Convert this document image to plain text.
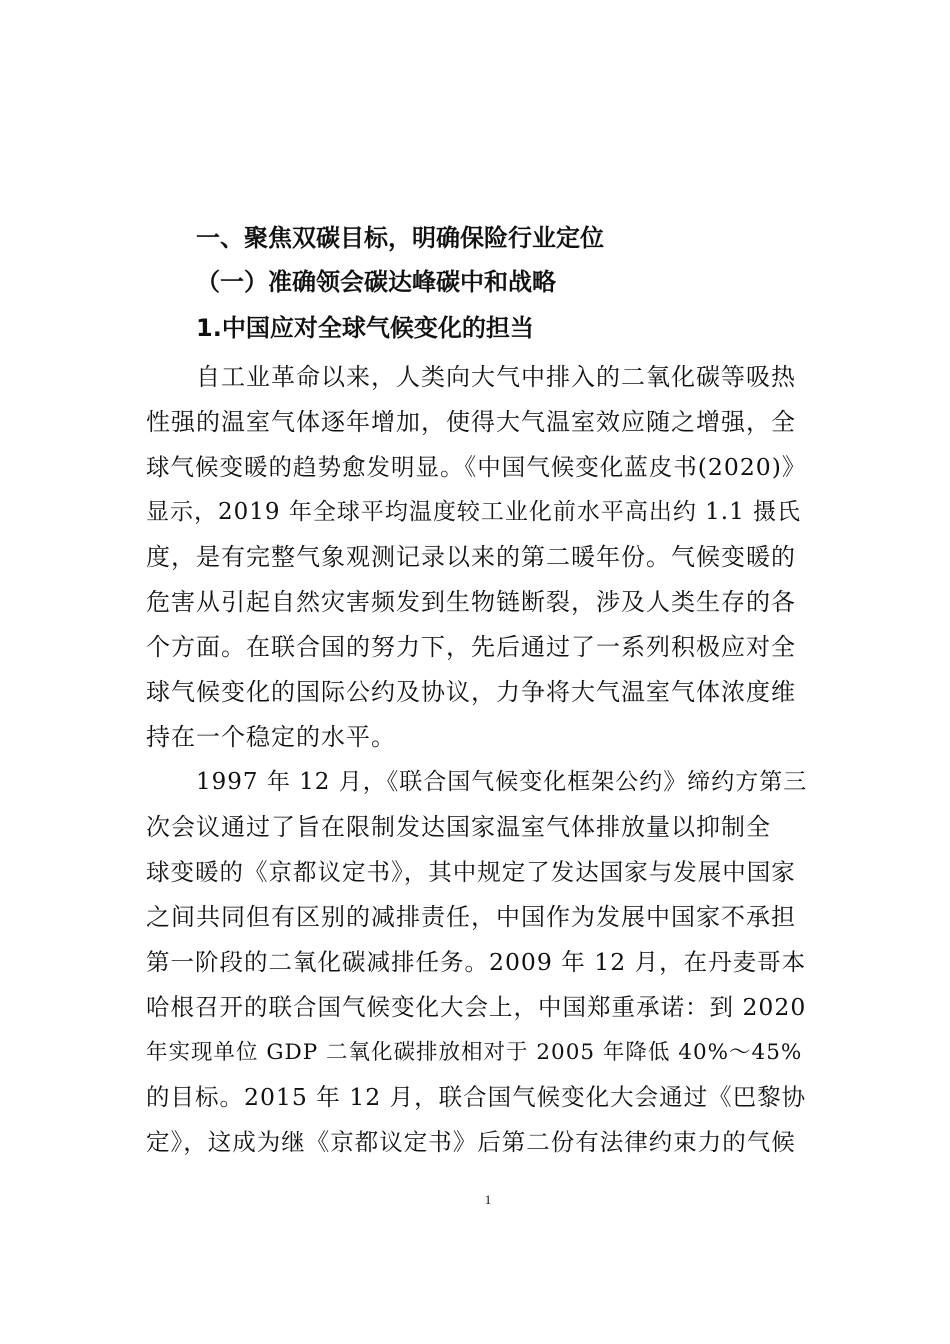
一、聚焦双碳目标，明确保险行业定位
（一）准确领会碳达峰碳中和战略
1.中国应对全球气候变化的担当
自工业革命以来，人类向大气中排入的二氧化碳等吸热
性强的温室气体逐年增加，使得大气温室效应随之增强，全
球气候变暖的趋势愈发明显。《中国气候变化蓝皮书(2020)》
显示，2019 年全球平均温度较工业化前水平高出约 1.1 摄氏
度，是有完整气象观测记录以来的第二暖年份。气候变暖的
危害从引起自然灾害频发到生物链断裂，涉及人类生存的各
个方面。在联合国的努力下，先后通过了一系列积极应对全
球气候变化的国际公约及协议，力争将大气温室气体浓度维
持在一个稳定的水平。
1997 年 12 月，《联合国气候变化框架公约》缔约方第三
次会议通过了旨在限制发达国家温室气体排放量以抑制全
球变暖的《京都议定书》，其中规定了发达国家与发展中国家
之间共同但有区别的减排责任，中国作为发展中国家不承担
第一阶段的二氧化碳减排任务。2009 年 12 月，在丹麦哥本
哈根召开的联合国气候变化大会上，中国郑重承诺：到 2020
年实现单位 GDP 二氧化碳排放相对于 2005 年降低 40%～45%
的目标。2015 年 12 月，联合国气候变化大会通过《巴黎协
定》，这成为继《京都议定书》后第二份有法律约束力的气候
1
